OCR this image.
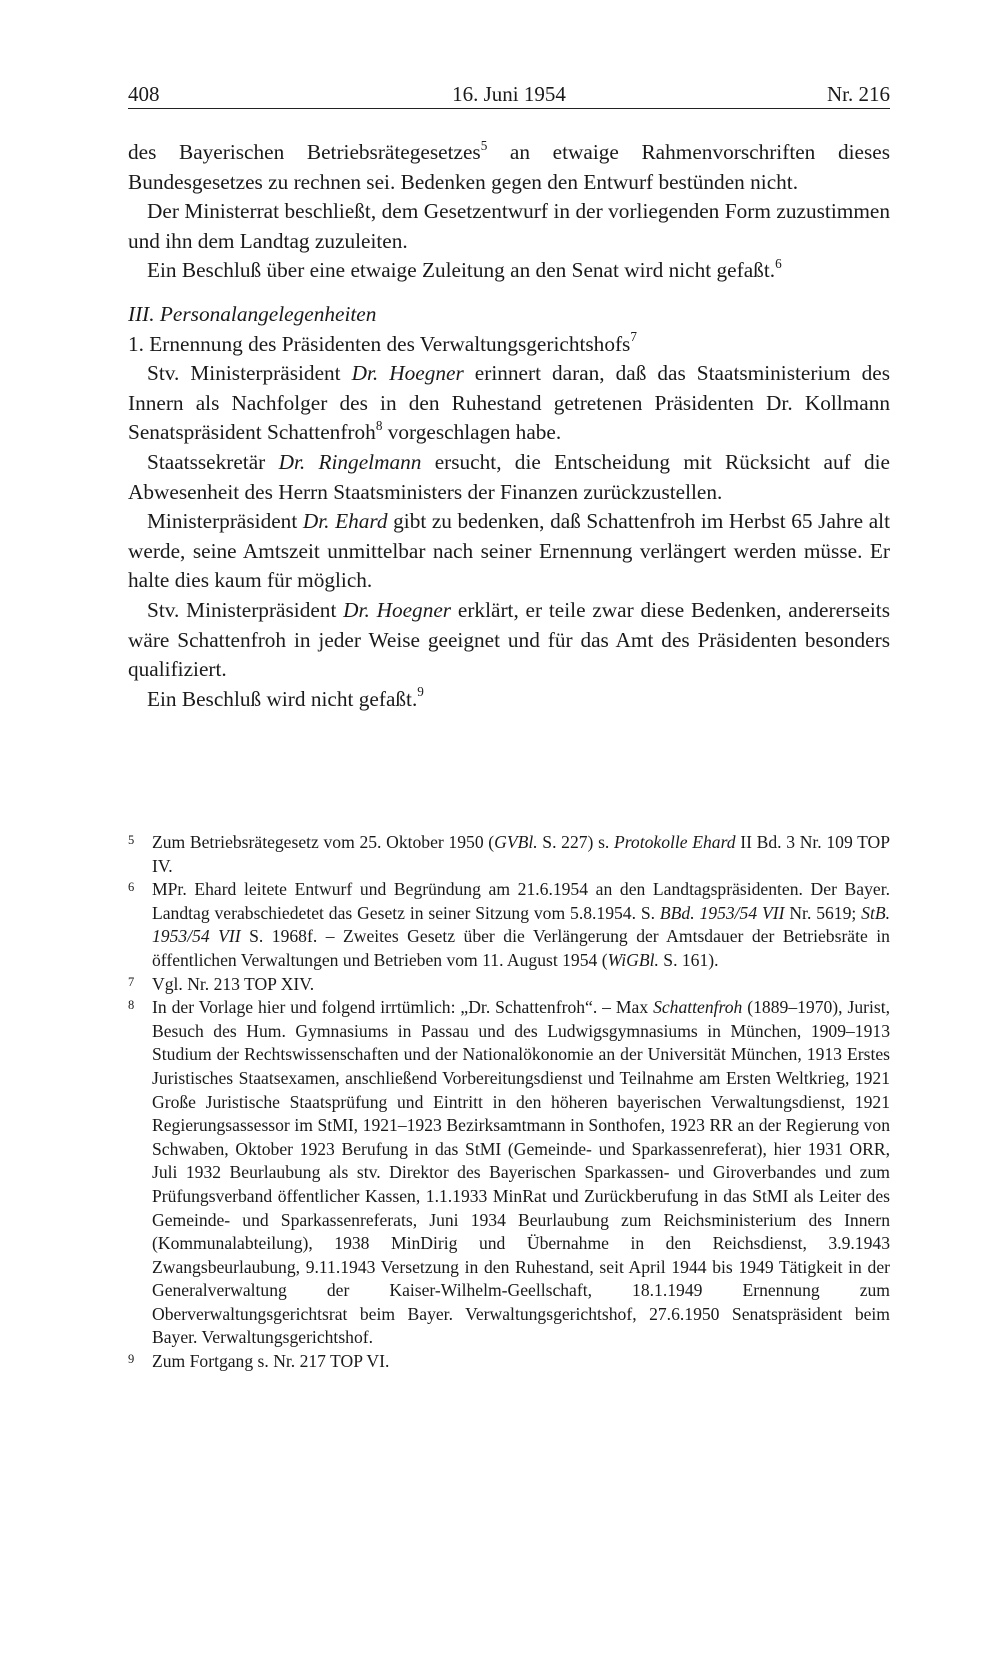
408	16. Juni 1954	Nr. 216

des Bayerischen Betriebsrätegesetzes$^5$ an etwaige Rahmenvorschriften dieses Bundesgesetzes zu rechnen sei. Bedenken gegen den Entwurf bestünden nicht.

Der Ministerrat beschließt, dem Gesetzentwurf in der vorliegenden Form zuzustimmen und ihn dem Landtag zuzuleiten.

Ein Beschluß über eine etwaige Zuleitung an den Senat wird nicht gefaßt.$^6$

III. Personalangelegenheiten

1. Ernennung des Präsidenten des Verwaltungsgerichtshofs$^7$

Stv. Ministerpräsident Dr. Hoegner erinnert daran, daß das Staatsministerium des Innern als Nachfolger des in den Ruhestand getretenen Präsidenten Dr. Kollmann Senatspräsident Schattenfroh$^8$ vorgeschlagen habe.

Staatssekretär Dr. Ringelmann ersucht, die Entscheidung mit Rücksicht auf die Abwesenheit des Herrn Staatsministers der Finanzen zurückzustellen.

Ministerpräsident Dr. Ehard gibt zu bedenken, daß Schattenfroh im Herbst 65 Jahre alt werde, seine Amtszeit unmittelbar nach seiner Ernennung verlängert werden müsse. Er halte dies kaum für möglich.

Stv. Ministerpräsident Dr. Hoegner erklärt, er teile zwar diese Bedenken, andererseits wäre Schattenfroh in jeder Weise geeignet und für das Amt des Präsidenten besonders qualifiziert.

Ein Beschluß wird nicht gefaßt.$^9$

5 Zum Betriebsrätegesetz vom 25. Oktober 1950 (GVBl. S. 227) s. Protokolle Ehard II Bd. 3 Nr. 109 TOP IV.

6 MPr. Ehard leitete Entwurf und Begründung am 21.6.1954 an den Landtagspräsidenten. Der Bayer. Landtag verabschiedetet das Gesetz in seiner Sitzung vom 5.8.1954. S. BBd. 1953/54 VII Nr. 5619; StB. 1953/54 VII S. 1968f. – Zweites Gesetz über die Verlängerung der Amtsdauer der Betriebsräte in öffentlichen Verwaltungen und Betrieben vom 11. August 1954 (WiGBl. S. 161).

7 Vgl. Nr. 213 TOP XIV.

8 In der Vorlage hier und folgend irrtümlich: „Dr. Schattenfroh“. – Max Schattenfroh (1889–1970), Jurist, Besuch des Hum. Gymnasiums in Passau und des Ludwigsgymnasiums in München, 1909–1913 Studium der Rechtswissenschaften und der Nationalökonomie an der Universität München, 1913 Erstes Juristisches Staatsexamen, anschließend Vorbereitungsdienst und Teilnahme am Ersten Weltkrieg, 1921 Große Juristische Staatsprüfung und Eintritt in den höheren bayerischen Verwaltungsdienst, 1921 Regierungsassessor im StMI, 1921–1923 Bezirksamtmann in Sonthofen, 1923 RR an der Regierung von Schwaben, Oktober 1923 Berufung in das StMI (Gemeinde- und Sparkassenreferat), hier 1931 ORR, Juli 1932 Beurlaubung als stv. Direktor des Bayerischen Sparkassen- und Giroverbandes und zum Prüfungsverband öffentlicher Kassen, 1.1.1933 MinRat und Zurückberufung in das StMI als Leiter des Gemeinde- und Sparkassenreferats, Juni 1934 Beurlaubung zum Reichsministerium des Innern (Kommunalabteilung), 1938 MinDirig und Übernahme in den Reichsdienst, 3.9.1943 Zwangsbeurlaubung, 9.11.1943 Versetzung in den Ruhestand, seit April 1944 bis 1949 Tätigkeit in der Generalverwaltung der Kaiser-Wilhelm-Geellschaft, 18.1.1949 Ernennung zum Oberverwaltungsgerichtsrat beim Bayer. Verwaltungsgerichtshof, 27.6.1950 Senatspräsident beim Bayer. Verwaltungsgerichtshof.

9 Zum Fortgang s. Nr. 217 TOP VI.
